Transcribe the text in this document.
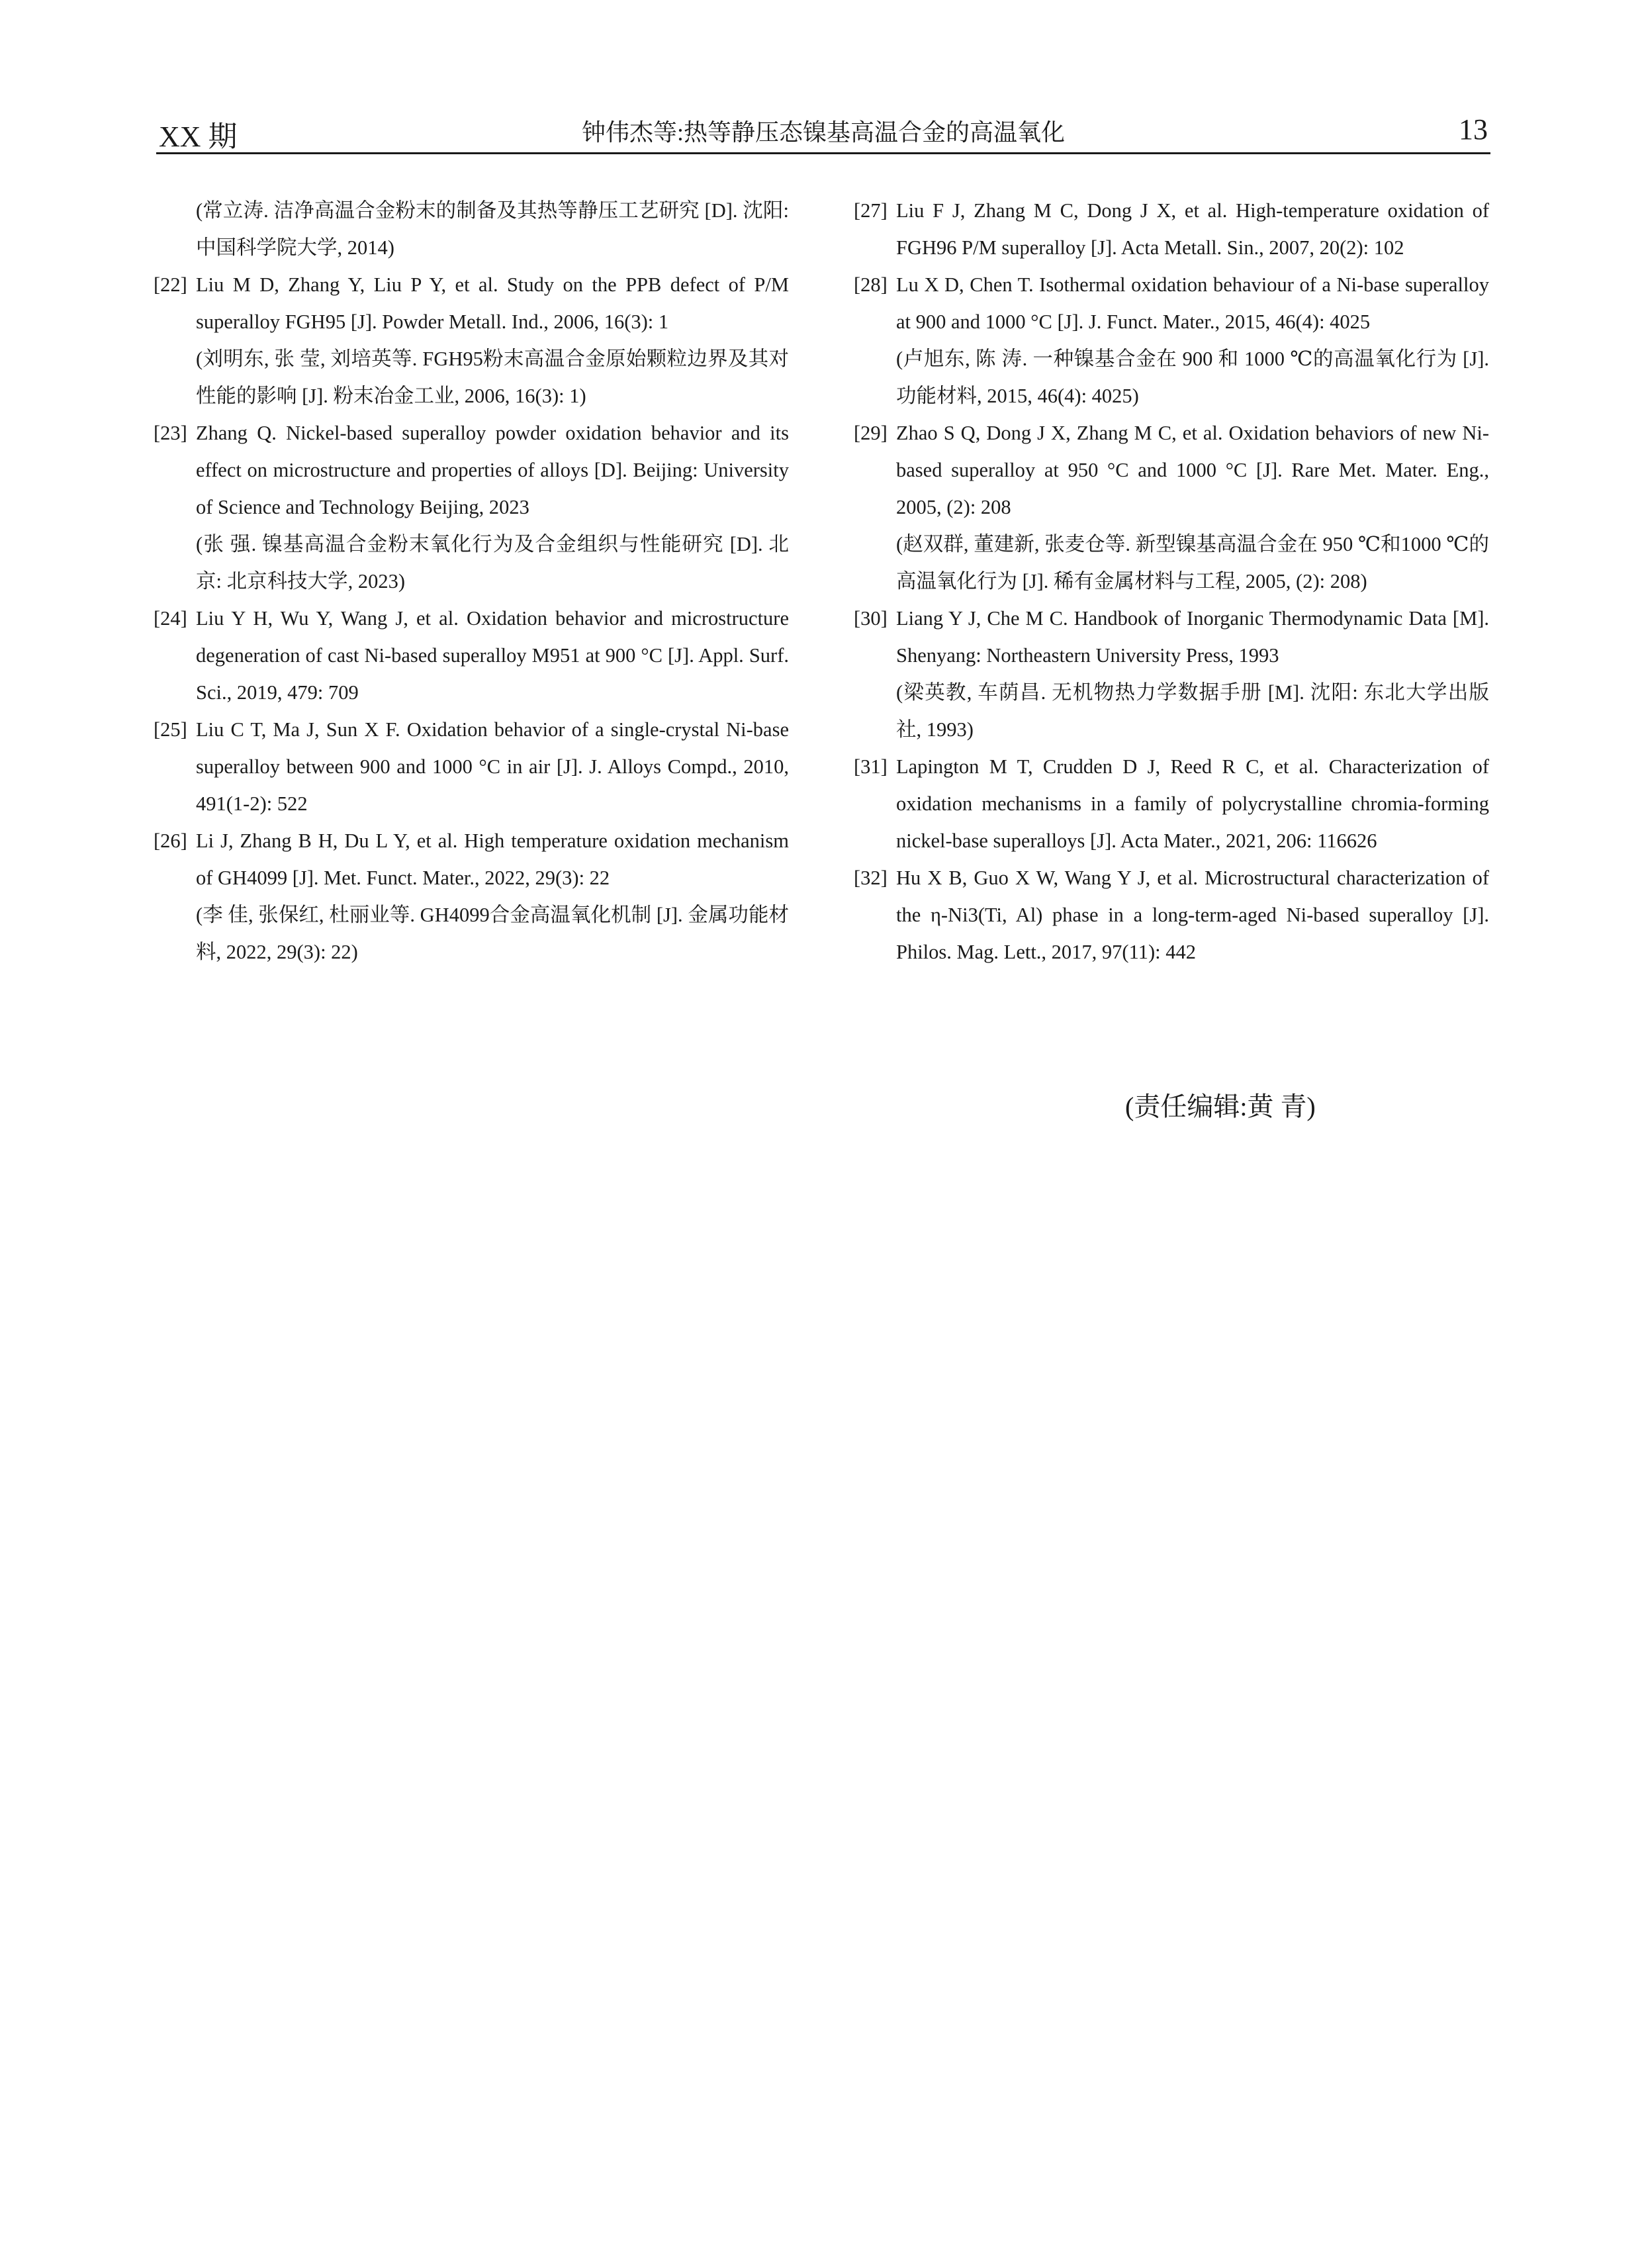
XX 期	钟伟杰等:热等静压态镍基高温合金的高温氧化	13
(常立涛. 洁净高温合金粉末的制备及其热等静压工艺研究 [D]. 沈阳: 中国科学院大学, 2014)
[22] Liu M D, Zhang Y, Liu P Y, et al. Study on the PPB defect of P/M superalloy FGH95 [J]. Powder Metall. Ind., 2006, 16(3): 1
(刘明东, 张 莹, 刘培英等. FGH95粉末高温合金原始颗粒边界及其对性能的影响 [J]. 粉末冶金工业, 2006, 16(3): 1)
[23] Zhang Q. Nickel-based superalloy powder oxidation behavior and its effect on microstructure and properties of alloys [D]. Beijing: University of Science and Technology Beijing, 2023
(张 强. 镍基高温合金粉末氧化行为及合金组织与性能研究 [D]. 北京: 北京科技大学, 2023)
[24] Liu Y H, Wu Y, Wang J, et al. Oxidation behavior and microstructure degeneration of cast Ni-based superalloy M951 at 900 °C [J]. Appl. Surf. Sci., 2019, 479: 709
[25] Liu C T, Ma J, Sun X F. Oxidation behavior of a single-crystal Ni-base superalloy between 900 and 1000 °C in air [J]. J. Alloys Compd., 2010, 491(1-2): 522
[26] Li J, Zhang B H, Du L Y, et al. High temperature oxidation mechanism of GH4099 [J]. Met. Funct. Mater., 2022, 29(3): 22
(李 佳, 张保红, 杜丽业等. GH4099合金高温氧化机制 [J]. 金属功能材料, 2022, 29(3): 22)
[27] Liu F J, Zhang M C, Dong J X, et al. High-temperature oxidation of FGH96 P/M superalloy [J]. Acta Metall. Sin., 2007, 20(2): 102
[28] Lu X D, Chen T. Isothermal oxidation behaviour of a Ni-base superalloy at 900 and 1000 °C [J]. J. Funct. Mater., 2015, 46(4): 4025
(卢旭东, 陈 涛. 一种镍基合金在 900 和 1000 ℃的高温氧化行为 [J]. 功能材料, 2015, 46(4): 4025)
[29] Zhao S Q, Dong J X, Zhang M C, et al. Oxidation behaviors of new Ni-based superalloy at 950 °C and 1000 °C [J]. Rare Met. Mater. Eng., 2005, (2): 208
(赵双群, 董建新, 张麦仓等. 新型镍基高温合金在 950 ℃和1000 ℃的高温氧化行为 [J]. 稀有金属材料与工程, 2005, (2): 208)
[30] Liang Y J, Che M C. Handbook of Inorganic Thermodynamic Data [M]. Shenyang: Northeastern University Press, 1993
(梁英教, 车荫昌. 无机物热力学数据手册 [M]. 沈阳: 东北大学出版社, 1993)
[31] Lapington M T, Crudden D J, Reed R C, et al. Characterization of oxidation mechanisms in a family of polycrystalline chromia-forming nickel-base superalloys [J]. Acta Mater., 2021, 206: 116626
[32] Hu X B, Guo X W, Wang Y J, et al. Microstructural characterization of the η-Ni3(Ti, Al) phase in a long-term-aged Ni-based superalloy [J]. Philos. Mag. Lett., 2017, 97(11): 442
(责任编辑:黄 青)
